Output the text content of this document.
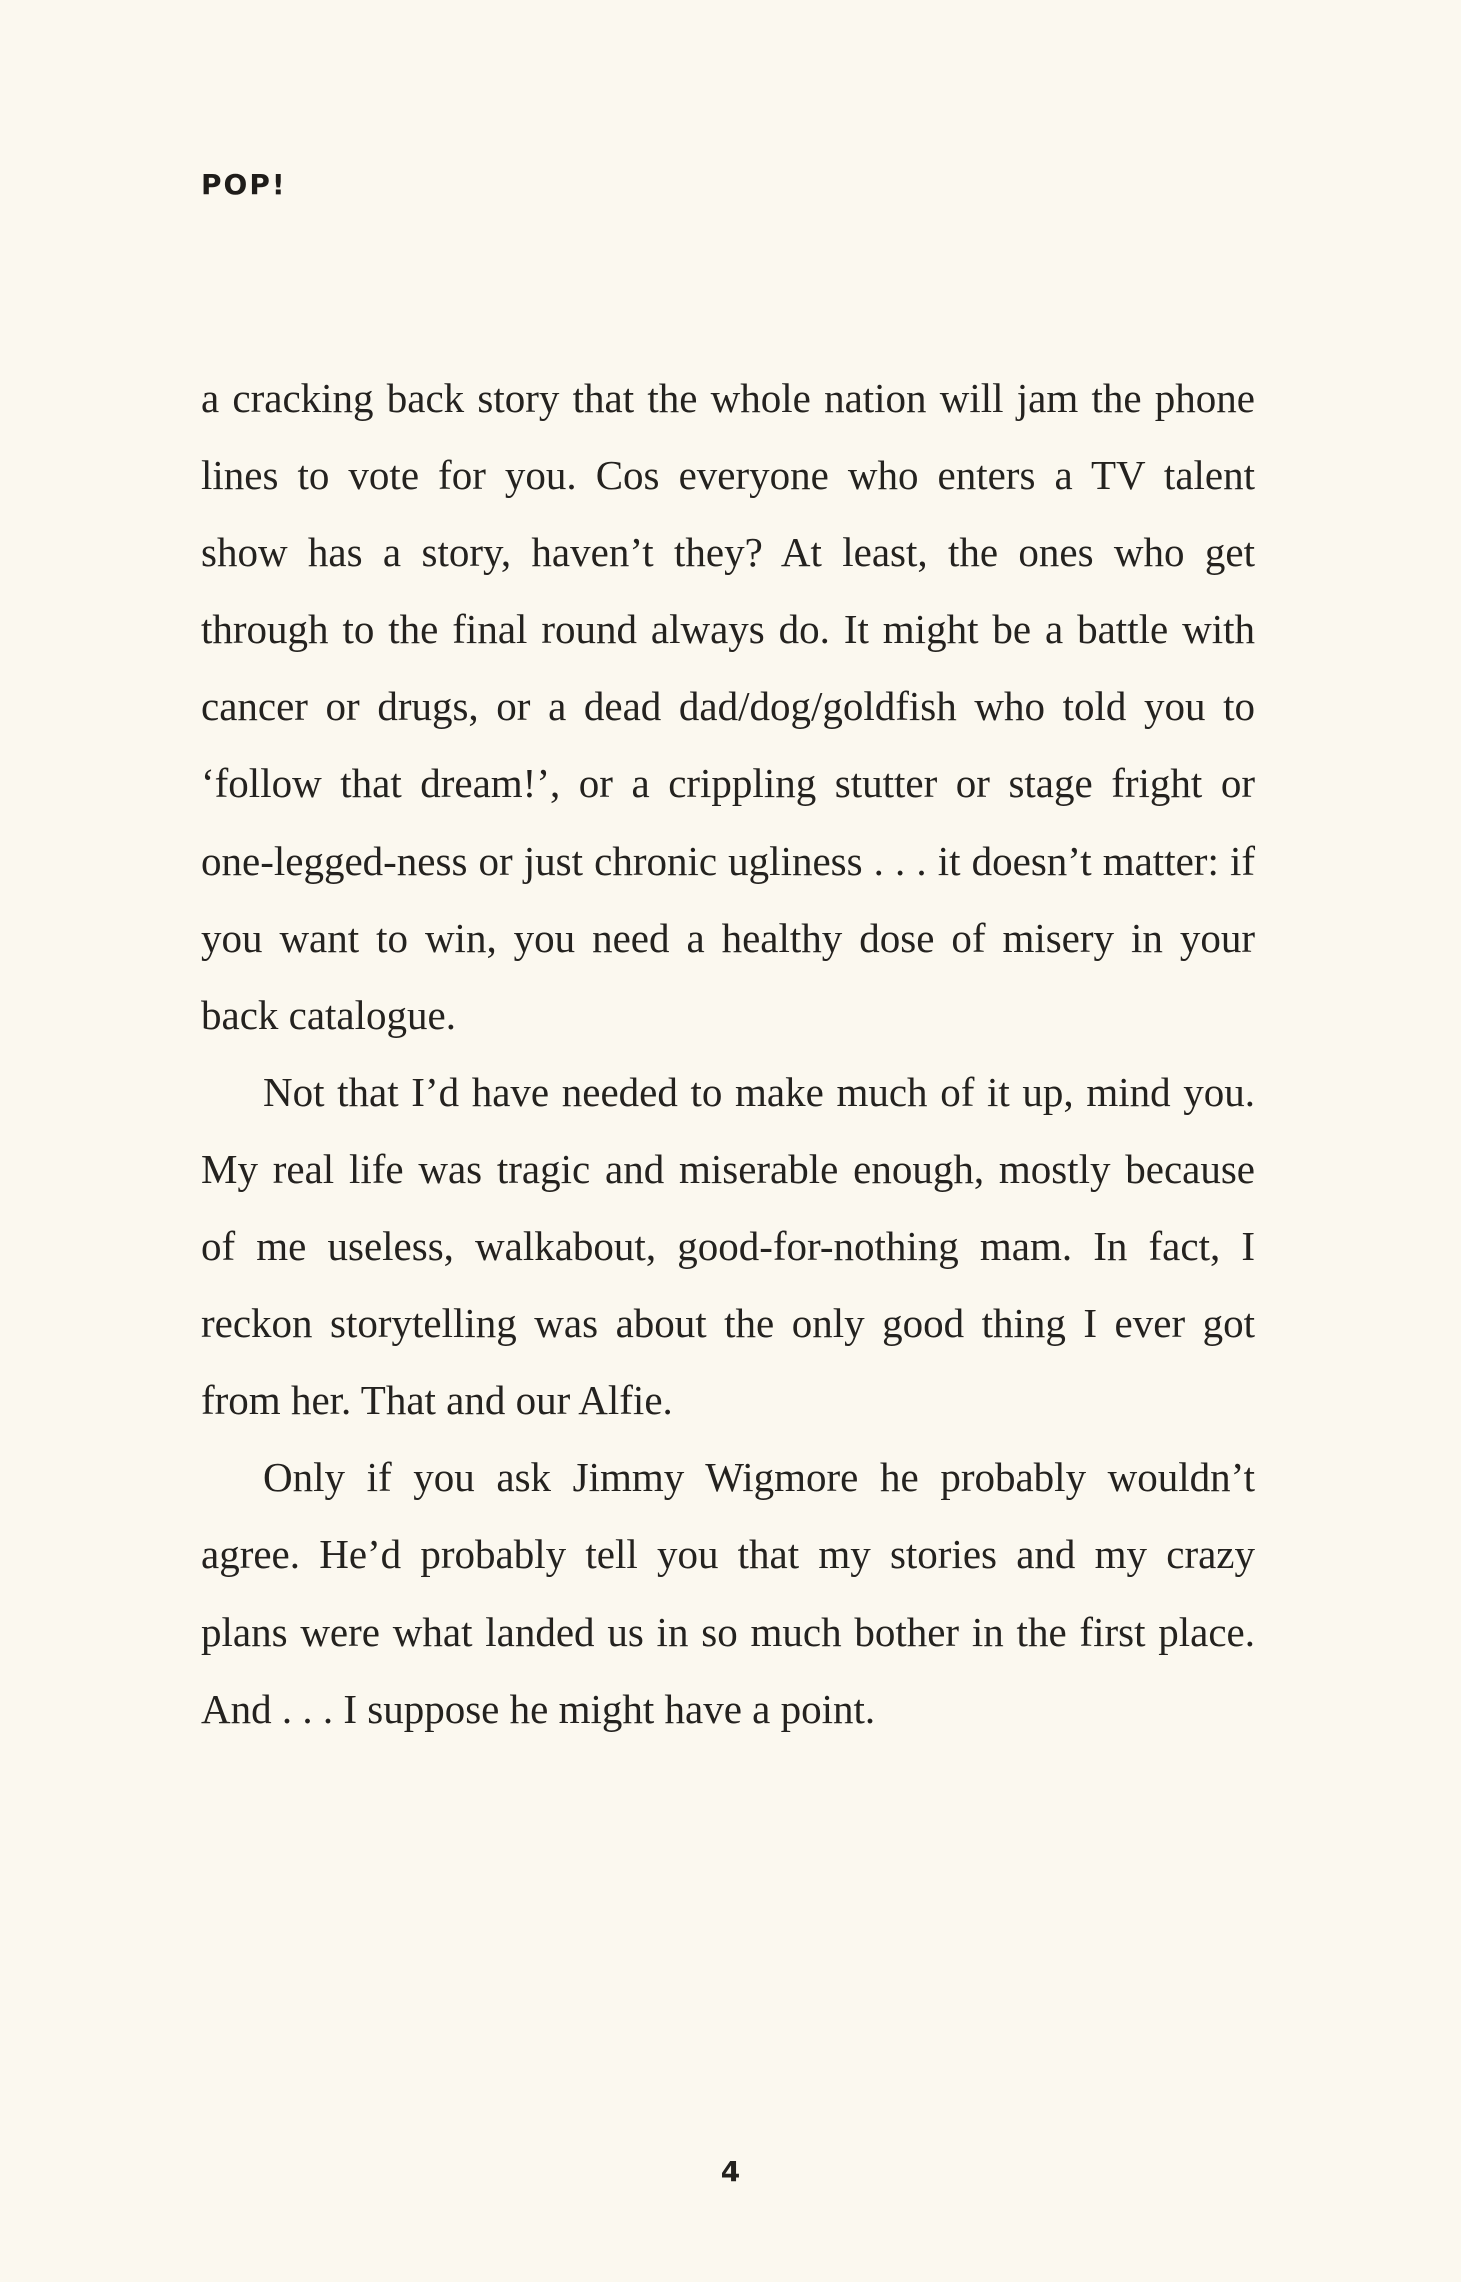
POP!

a cracking back story that the whole nation will jam the phone lines to vote for you. Cos everyone who enters a TV talent show has a story, haven’t they? At least, the ones who get through to the final round always do. It might be a battle with cancer or drugs, or a dead dad/dog/goldfish who told you to ‘follow that dream!’, or a crippling stutter or stage fright or one-legged-ness or just chronic ugliness . . . it doesn’t matter: if you want to win, you need a healthy dose of misery in your back catalogue.

Not that I’d have needed to make much of it up, mind you. My real life was tragic and miserable enough, mostly because of me useless, walkabout, good-for-nothing mam. In fact, I reckon storytelling was about the only good thing I ever got from her. That and our Alfie.

Only if you ask Jimmy Wigmore he probably wouldn’t agree. He’d probably tell you that my stories and my crazy plans were what landed us in so much bother in the first place. And . . . I suppose he might have a point.

4
